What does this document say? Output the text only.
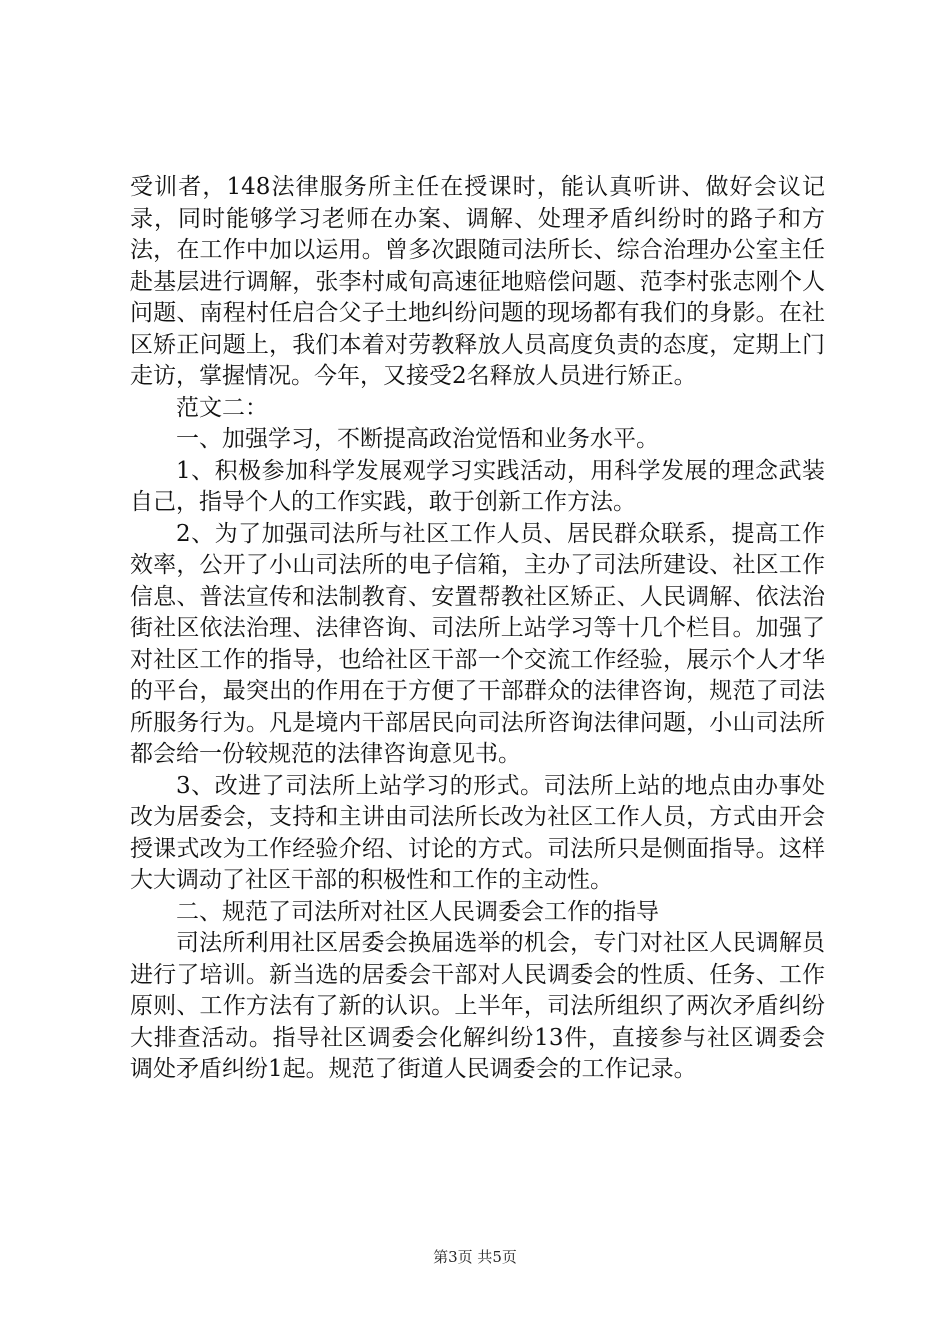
受训者，148法律服务所主任在授课时，能认真听讲、做好会议记录，同时能够学习老师在办案、调解、处理矛盾纠纷时的路子和方法，在工作中加以运用。曾多次跟随司法所长、综合治理办公室主任赴基层进行调解，张李村咸旬高速征地赔偿问题、范李村张志刚个人问题、南程村任启合父子土地纠纷问题的现场都有我们的身影。在社区矫正问题上，我们本着对劳教释放人员高度负责的态度，定期上门走访，掌握情况。今年，又接受2名释放人员进行矫正。

范文二：

一、加强学习，不断提高政治觉悟和业务水平。

1、积极参加科学发展观学习实践活动，用科学发展的理念武装自己，指导个人的工作实践，敢于创新工作方法。

2、为了加强司法所与社区工作人员、居民群众联系，提高工作效率，公开了小山司法所的电子信箱，主办了司法所建设、社区工作信息、普法宣传和法制教育、安置帮教社区矫正、人民调解、依法治街社区依法治理、法律咨询、司法所上站学习等十几个栏目。加强了对社区工作的指导，也给社区干部一个交流工作经验，展示个人才华的平台，最突出的作用在于方便了干部群众的法律咨询，规范了司法所服务行为。凡是境内干部居民向司法所咨询法律问题，小山司法所都会给一份较规范的法律咨询意见书。

3、改进了司法所上站学习的形式。司法所上站的地点由办事处改为居委会，支持和主讲由司法所长改为社区工作人员，方式由开会授课式改为工作经验介绍、讨论的方式。司法所只是侧面指导。这样大大调动了社区干部的积极性和工作的主动性。

二、规范了司法所对社区人民调委会工作的指导

司法所利用社区居委会换届选举的机会，专门对社区人民调解员进行了培训。新当选的居委会干部对人民调委会的性质、任务、工作原则、工作方法有了新的认识。上半年，司法所组织了两次矛盾纠纷大排查活动。指导社区调委会化解纠纷13件，直接参与社区调委会调处矛盾纠纷1起。规范了街道人民调委会的工作记录。

第3页 共5页
